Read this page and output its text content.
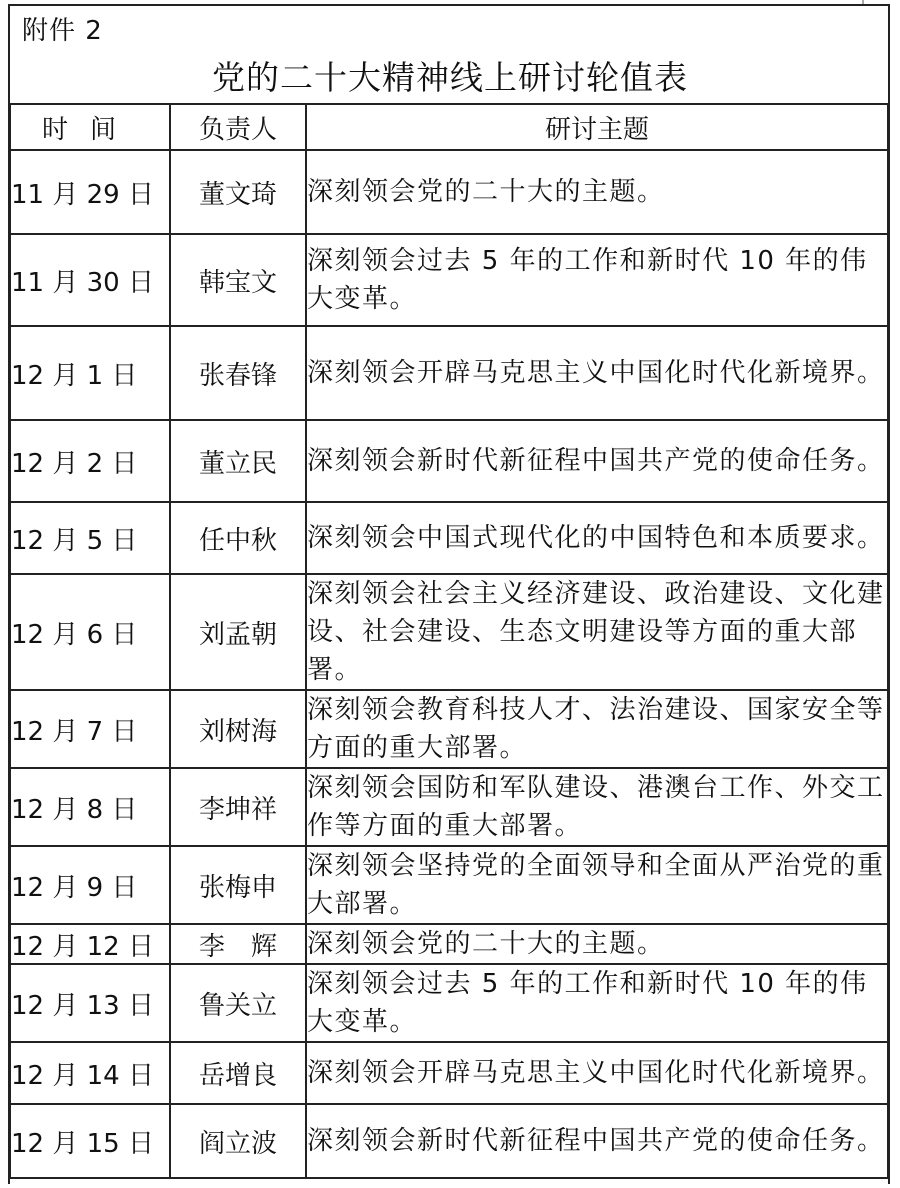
附件 2
党的二十大精神线上研讨轮值表
时间	负责人	研讨主题
11 月 29 日	董文琦	深刻领会党的二十大的主题。
11 月 30 日	韩宝文	深刻领会过去 5 年的工作和新时代 10 年的伟大变革。
12 月 1 日	张春锋	深刻领会开辟马克思主义中国化时代化新境界。
12 月 2 日	董立民	深刻领会新时代新征程中国共产党的使命任务。
12 月 5 日	任中秋	深刻领会中国式现代化的中国特色和本质要求。
12 月 6 日	刘孟朝	深刻领会社会主义经济建设、政治建设、文化建设、社会建设、生态文明建设等方面的重大部署。
12 月 7 日	刘树海	深刻领会教育科技人才、法治建设、国家安全等方面的重大部署。
12 月 8 日	李坤祥	深刻领会国防和军队建设、港澳台工作、外交工作等方面的重大部署。
12 月 9 日	张梅申	深刻领会坚持党的全面领导和全面从严治党的重大部署。
12 月 12 日	李　辉	深刻领会党的二十大的主题。
12 月 13 日	鲁关立	深刻领会过去 5 年的工作和新时代 10 年的伟大变革。
12 月 14 日	岳增良	深刻领会开辟马克思主义中国化时代化新境界。
12 月 15 日	阎立波	深刻领会新时代新征程中国共产党的使命任务。
